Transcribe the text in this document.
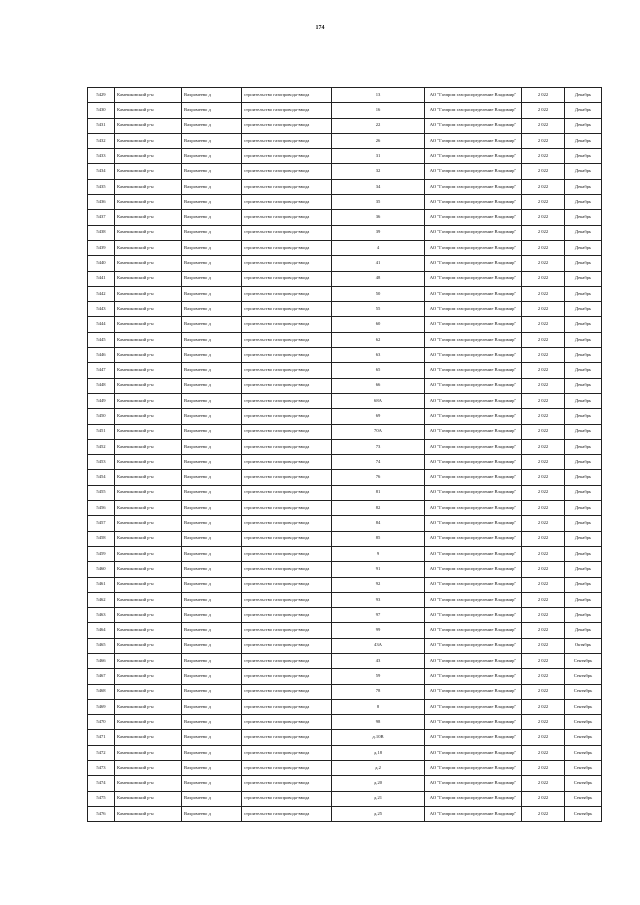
174
5429	Камешковский р-н	Вахромеево д	строительство газопровода-ввода	13	АО "Газпром газораспределение Владимир"	2 022	Декабрь
5430	Камешковский р-н	Вахромеево д	строительство газопровода-ввода	16	АО "Газпром газораспределение Владимир"	2 022	Декабрь
5431	Камешковский р-н	Вахромеево д	строительство газопровода-ввода	22	АО "Газпром газораспределение Владимир"	2 022	Декабрь
5432	Камешковский р-н	Вахромеево д	строительство газопровода-ввода	26	АО "Газпром газораспределение Владимир"	2 022	Декабрь
5433	Камешковский р-н	Вахромеево д	строительство газопровода-ввода	31	АО "Газпром газораспределение Владимир"	2 022	Декабрь
5434	Камешковский р-н	Вахромеево д	строительство газопровода-ввода	32	АО "Газпром газораспределение Владимир"	2 022	Декабрь
5435	Камешковский р-н	Вахромеево д	строительство газопровода-ввода	34	АО "Газпром газораспределение Владимир"	2 022	Декабрь
5436	Камешковский р-н	Вахромеево д	строительство газопровода-ввода	35	АО "Газпром газораспределение Владимир"	2 022	Декабрь
5437	Камешковский р-н	Вахромеево д	строительство газопровода-ввода	36	АО "Газпром газораспределение Владимир"	2 022	Декабрь
5438	Камешковский р-н	Вахромеево д	строительство газопровода-ввода	39	АО "Газпром газораспределение Владимир"	2 022	Декабрь
5439	Камешковский р-н	Вахромеево д	строительство газопровода-ввода	4	АО "Газпром газораспределение Владимир"	2 022	Декабрь
5440	Камешковский р-н	Вахромеево д	строительство газопровода-ввода	41	АО "Газпром газораспределение Владимир"	2 022	Декабрь
5441	Камешковский р-н	Вахромеево д	строительство газопровода-ввода	48	АО "Газпром газораспределение Владимир"	2 022	Декабрь
5442	Камешковский р-н	Вахромеево д	строительство газопровода-ввода	50	АО "Газпром газораспределение Владимир"	2 022	Декабрь
5443	Камешковский р-н	Вахромеево д	строительство газопровода-ввода	55	АО "Газпром газораспределение Владимир"	2 022	Декабрь
5444	Камешковский р-н	Вахромеево д	строительство газопровода-ввода	60	АО "Газпром газораспределение Владимир"	2 022	Декабрь
5445	Камешковский р-н	Вахромеево д	строительство газопровода-ввода	62	АО "Газпром газораспределение Владимир"	2 022	Декабрь
5446	Камешковский р-н	Вахромеево д	строительство газопровода-ввода	63	АО "Газпром газораспределение Владимир"	2 022	Декабрь
5447	Камешковский р-н	Вахромеево д	строительство газопровода-ввода	65	АО "Газпром газораспределение Владимир"	2 022	Декабрь
5448	Камешковский р-н	Вахромеево д	строительство газопровода-ввода	66	АО "Газпром газораспределение Владимир"	2 022	Декабрь
5449	Камешковский р-н	Вахромеево д	строительство газопровода-ввода	68А	АО "Газпром газораспределение Владимир"	2 022	Декабрь
5450	Камешковский р-н	Вахромеево д	строительство газопровода-ввода	69	АО "Газпром газораспределение Владимир"	2 022	Декабрь
5451	Камешковский р-н	Вахромеево д	строительство газопровода-ввода	70А	АО "Газпром газораспределение Владимир"	2 022	Декабрь
5452	Камешковский р-н	Вахромеево д	строительство газопровода-ввода	73	АО "Газпром газораспределение Владимир"	2 022	Декабрь
5453	Камешковский р-н	Вахромеево д	строительство газопровода-ввода	74	АО "Газпром газораспределение Владимир"	2 022	Декабрь
5454	Камешковский р-н	Вахромеево д	строительство газопровода-ввода	76	АО "Газпром газораспределение Владимир"	2 022	Декабрь
5455	Камешковский р-н	Вахромеево д	строительство газопровода-ввода	81	АО "Газпром газораспределение Владимир"	2 022	Декабрь
5456	Камешковский р-н	Вахромеево д	строительство газопровода-ввода	82	АО "Газпром газораспределение Владимир"	2 022	Декабрь
5457	Камешковский р-н	Вахромеево д	строительство газопровода-ввода	84	АО "Газпром газораспределение Владимир"	2 022	Декабрь
5458	Камешковский р-н	Вахромеево д	строительство газопровода-ввода	85	АО "Газпром газораспределение Владимир"	2 022	Декабрь
5459	Камешковский р-н	Вахромеево д	строительство газопровода-ввода	9	АО "Газпром газораспределение Владимир"	2 022	Декабрь
5460	Камешковский р-н	Вахромеево д	строительство газопровода-ввода	91	АО "Газпром газораспределение Владимир"	2 022	Декабрь
5461	Камешковский р-н	Вахромеево д	строительство газопровода-ввода	92	АО "Газпром газораспределение Владимир"	2 022	Декабрь
5462	Камешковский р-н	Вахромеево д	строительство газопровода-ввода	93	АО "Газпром газораспределение Владимир"	2 022	Декабрь
5463	Камешковский р-н	Вахромеево д	строительство газопровода-ввода	97	АО "Газпром газораспределение Владимир"	2 022	Декабрь
5464	Камешковский р-н	Вахромеево д	строительство газопровода-ввода	99	АО "Газпром газораспределение Владимир"	2 022	Декабрь
5465	Камешковский р-н	Вахромеево д	строительство газопровода-ввода	43А	АО "Газпром газораспределение Владимир"	2 022	Октябрь
5466	Камешковский р-н	Вахромеево д	строительство газопровода-ввода	43	АО "Газпром газораспределение Владимир"	2 022	Сентябрь
5467	Камешковский р-н	Вахромеево д	строительство газопровода-ввода	59	АО "Газпром газораспределение Владимир"	2 022	Сентябрь
5468	Камешковский р-н	Вахромеево д	строительство газопровода-ввода	78	АО "Газпром газораспределение Владимир"	2 022	Сентябрь
5469	Камешковский р-н	Вахромеево д	строительство газопровода-ввода	8	АО "Газпром газораспределение Владимир"	2 022	Сентябрь
5470	Камешковский р-н	Вахромеево д	строительство газопровода-ввода	98	АО "Газпром газораспределение Владимир"	2 022	Сентябрь
5471	Камешковский р-н	Вахромеево д	строительство газопровода-ввода	д.10В	АО "Газпром газораспределение Владимир"	2 022	Сентябрь
5472	Камешковский р-н	Вахромеево д	строительство газопровода-ввода	д.18	АО "Газпром газораспределение Владимир"	2 022	Сентябрь
5473	Камешковский р-н	Вахромеево д	строительство газопровода-ввода	д.2	АО "Газпром газораспределение Владимир"	2 022	Сентябрь
5474	Камешковский р-н	Вахромеево д	строительство газопровода-ввода	д.20	АО "Газпром газораспределение Владимир"	2 022	Сентябрь
5475	Камешковский р-н	Вахромеево д	строительство газопровода-ввода	д.21	АО "Газпром газораспределение Владимир"	2 022	Сентябрь
5476	Камешковский р-н	Вахромеево д	строительство газопровода-ввода	д.25	АО "Газпром газораспределение Владимир"	2 022	Сентябрь
